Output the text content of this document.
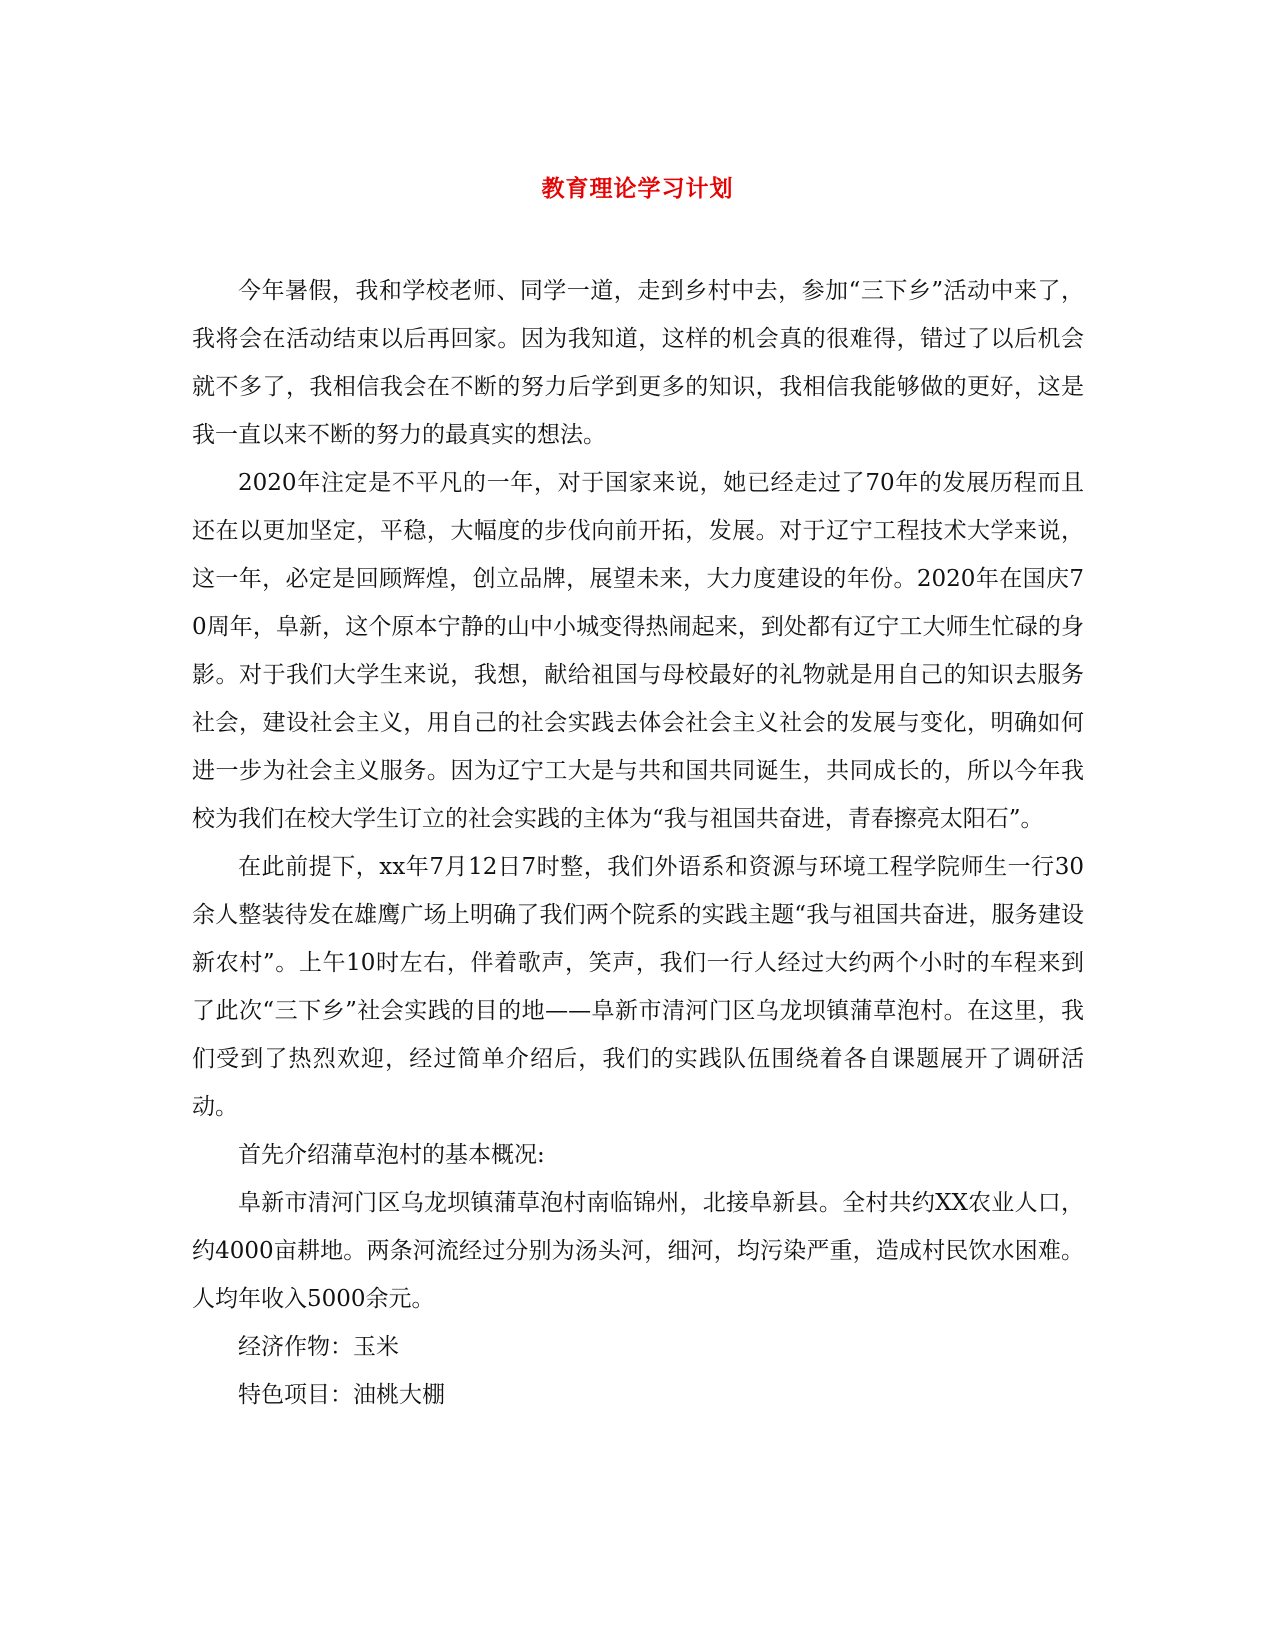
教育理论学习计划

今年暑假，我和学校老师、同学一道，走到乡村中去，参加“三下乡”活动中来了，我将会在活动结束以后再回家。因为我知道，这样的机会真的很难得，错过了以后机会就不多了，我相信我会在不断的努力后学到更多的知识，我相信我能够做的更好，这是我一直以来不断的努力的最真实的想法。

2020年注定是不平凡的一年，对于国家来说，她已经走过了70年的发展历程而且还在以更加坚定，平稳，大幅度的步伐向前开拓，发展。对于辽宁工程技术大学来说，这一年，必定是回顾辉煌，创立品牌，展望未来，大力度建设的年份。2020年在国庆70周年，阜新，这个原本宁静的山中小城变得热闹起来，到处都有辽宁工大师生忙碌的身影。对于我们大学生来说，我想，献给祖国与母校最好的礼物就是用自己的知识去服务社会，建设社会主义，用自己的社会实践去体会社会主义社会的发展与变化，明确如何进一步为社会主义服务。因为辽宁工大是与共和国共同诞生，共同成长的，所以今年我校为我们在校大学生订立的社会实践的主体为“我与祖国共奋进，青春擦亮太阳石”。

在此前提下，xx年7月12日7时整，我们外语系和资源与环境工程学院师生一行30余人整装待发在雄鹰广场上明确了我们两个院系的实践主题“我与祖国共奋进，服务建设新农村”。上午10时左右，伴着歌声，笑声，我们一行人经过大约两个小时的车程来到了此次“三下乡”社会实践的目的地——阜新市清河门区乌龙坝镇蒲草泡村。在这里，我们受到了热烈欢迎，经过简单介绍后，我们的实践队伍围绕着各自课题展开了调研活动。

首先介绍蒲草泡村的基本概况:

阜新市清河门区乌龙坝镇蒲草泡村南临锦州，北接阜新县。全村共约XX农业人口，约4000亩耕地。两条河流经过分别为汤头河，细河，均污染严重，造成村民饮水困难。人均年收入5000余元。

经济作物：玉米

特色项目：油桃大棚
